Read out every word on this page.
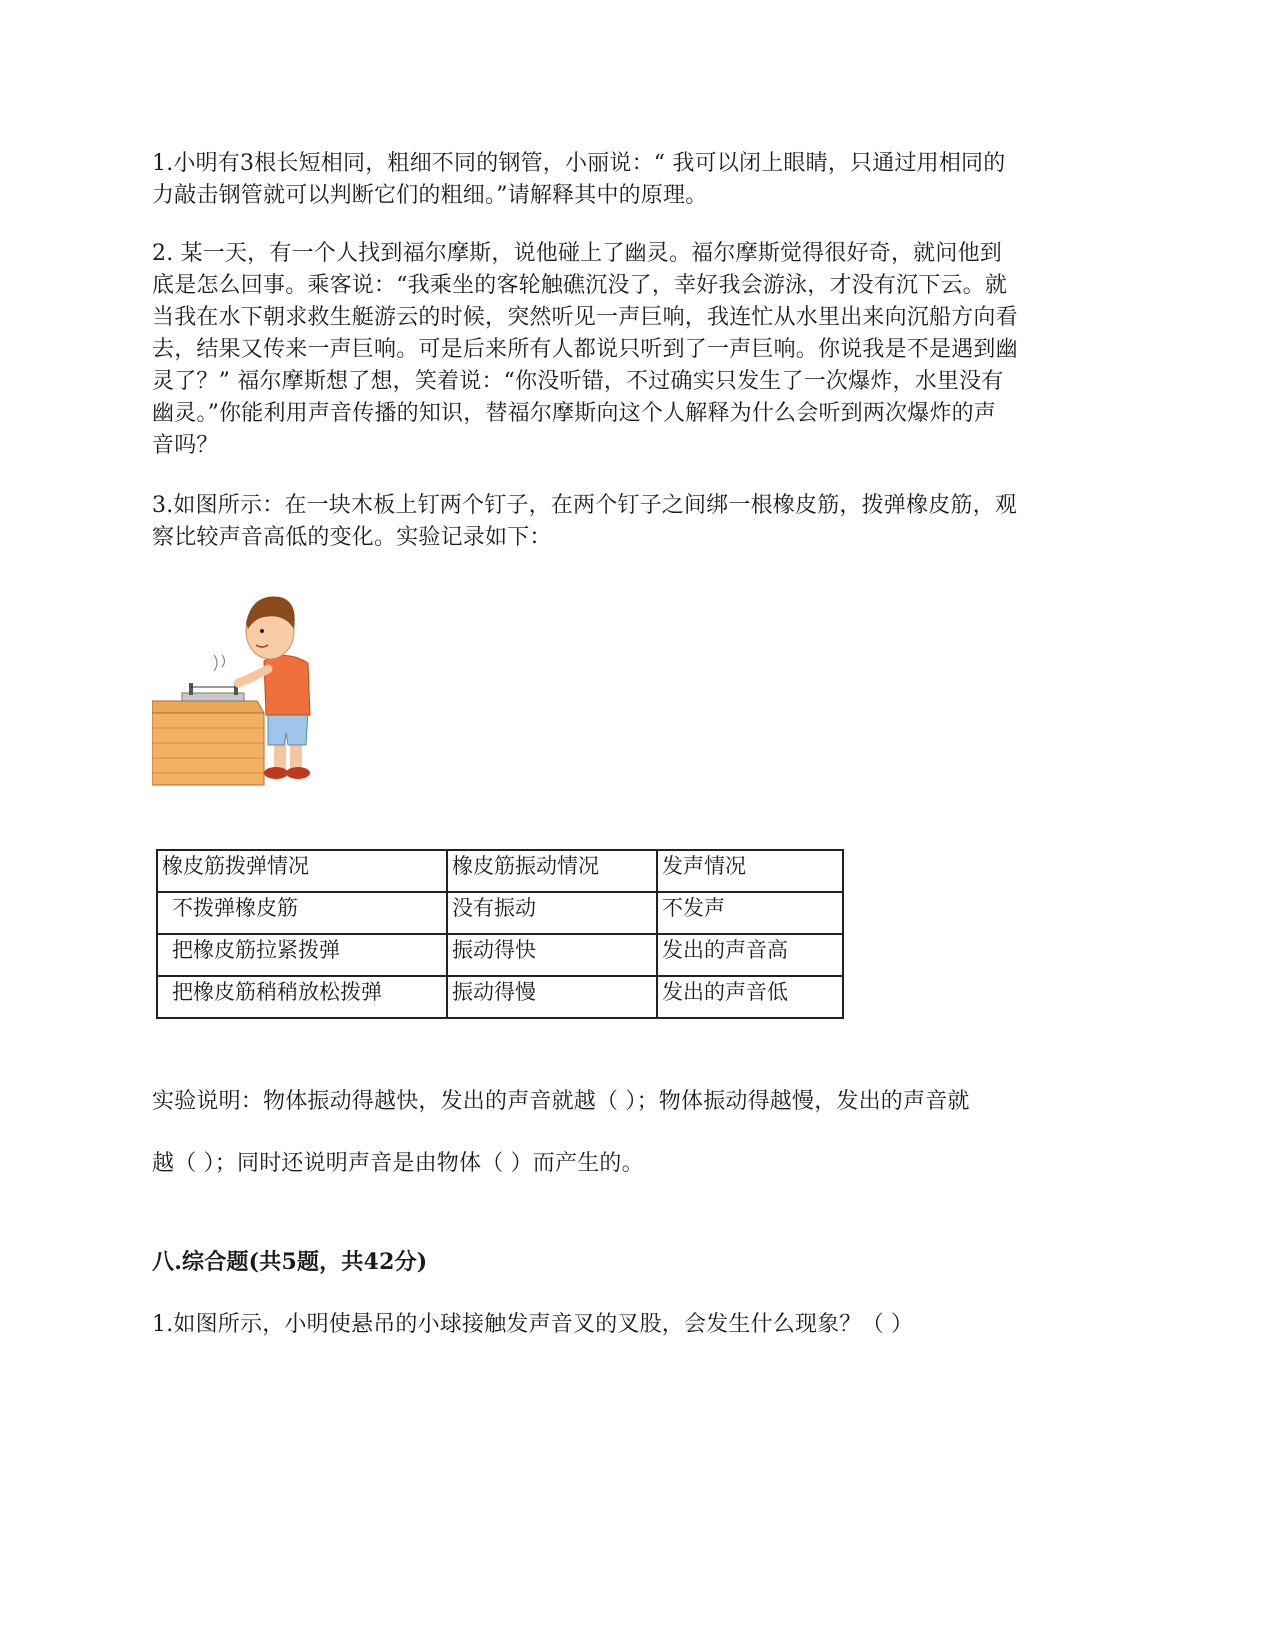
1.小明有3根长短相同，粗细不同的钢管，小丽说：“ 我可以闭上眼睛，只通过用相同的
力敲击钢管就可以判断它们的粗细。”请解释其中的原理。

2. 某一天，有一个人找到福尔摩斯，说他碰上了幽灵。福尔摩斯觉得很好奇，就问他到
底是怎么回事。乘客说：“我乘坐的客轮触礁沉没了，幸好我会游泳，才没有沉下云。就
当我在水下朝求救生艇游云的时候，突然听见一声巨响，我连忙从水里出来向沉船方向看
去，结果又传来一声巨响。可是后来所有人都说只听到了一声巨响。你说我是不是遇到幽
灵了？” 福尔摩斯想了想，笑着说：“你没听错，不过确实只发生了一次爆炸，水里没有
幽灵。”你能利用声音传播的知识，替福尔摩斯向这个人解释为什么会听到两次爆炸的声
音吗？

3.如图所示：在一块木板上钉两个钉子，在两个钉子之间绑一根橡皮筋，拨弹橡皮筋，观
察比较声音高低的变化。实验记录如下：

橡皮筋拨弹情况	橡皮筋振动情况	发声情况
不拨弹橡皮筋	没有振动	不发声
把橡皮筋拉紧拨弹	振动得快	发出的声音高
把橡皮筋稍稍放松拨弹	振动得慢	发出的声音低

实验说明：物体振动得越快，发出的声音就越（ ）；物体振动得越慢，发出的声音就

越（ ）；同时还说明声音是由物体（ ）而产生的。

八.综合题(共5题，共42分)

1.如图所示，小明使悬吊的小球接触发声音叉的叉股，会发生什么现象？（ ）
